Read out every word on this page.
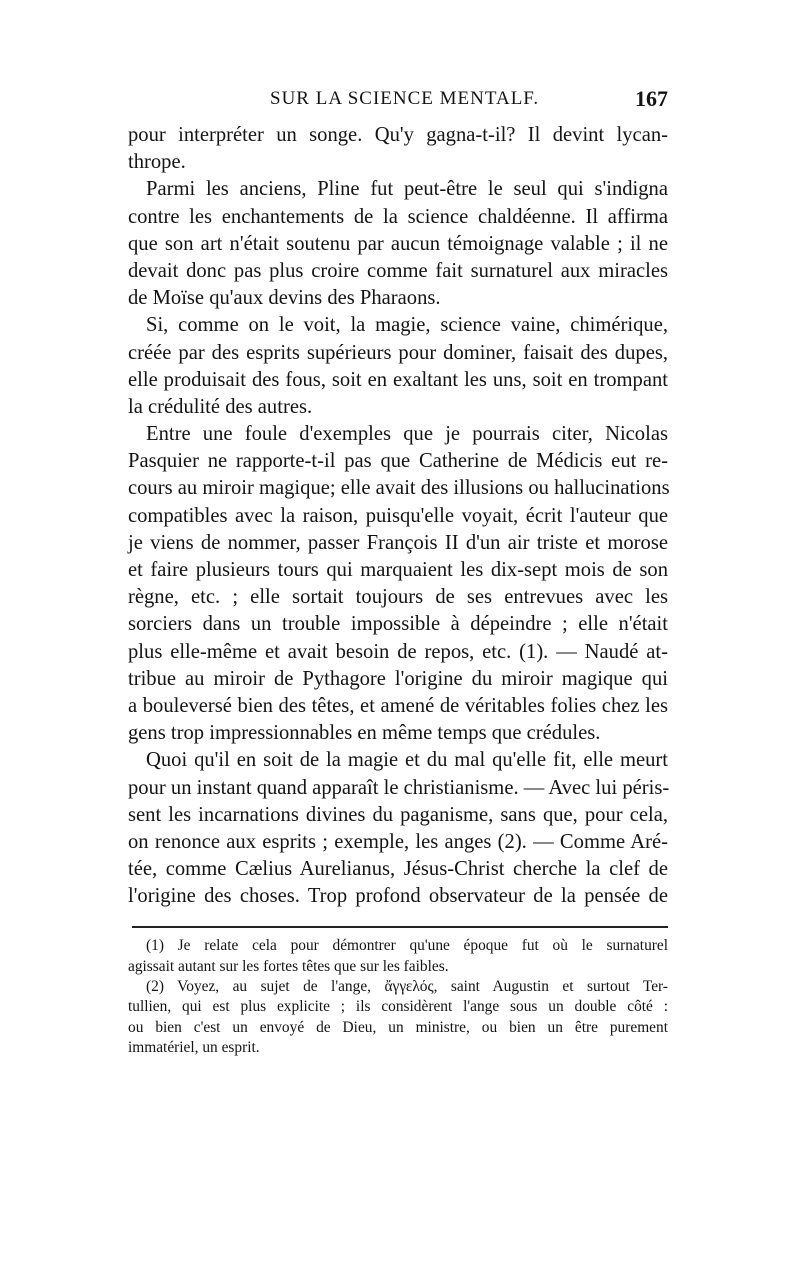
SUR LA SCIENCE MENTALF.	167
pour interpréter un songe. Qu'y gagna-t-il? Il devint lycan-
thrope.
Parmi les anciens, Pline fut peut-être le seul qui s'indigna
contre les enchantements de la science chaldéenne. Il affirma
que son art n'était soutenu par aucun témoignage valable ; il ne
devait donc pas plus croire comme fait surnaturel aux miracles
de Moïse qu'aux devins des Pharaons.
Si, comme on le voit, la magie, science vaine, chimérique,
créée par des esprits supérieurs pour dominer, faisait des dupes,
elle produisait des fous, soit en exaltant les uns, soit en trompant
la crédulité des autres.
Entre une foule d'exemples que je pourrais citer, Nicolas
Pasquier ne rapporte-t-il pas que Catherine de Médicis eut re-
cours au miroir magique; elle avait des illusions ou hallucinations
compatibles avec la raison, puisqu'elle voyait, écrit l'auteur que
je viens de nommer, passer François II d'un air triste et morose
et faire plusieurs tours qui marquaient les dix-sept mois de son
règne, etc. ; elle sortait toujours de ses entrevues avec les
sorciers dans un trouble impossible à dépeindre ; elle n'était
plus elle-même et avait besoin de repos, etc. (1). — Naudé at-
tribue au miroir de Pythagore l'origine du miroir magique qui
a bouleversé bien des têtes, et amené de véritables folies chez les
gens trop impressionnables en même temps que crédules.
Quoi qu'il en soit de la magie et du mal qu'elle fit, elle meurt
pour un instant quand apparaît le christianisme. — Avec lui péris-
sent les incarnations divines du paganisme, sans que, pour cela,
on renonce aux esprits ; exemple, les anges (2). — Comme Aré-
tée, comme Cælius Aurelianus, Jésus-Christ cherche la clef de
l'origine des choses. Trop profond observateur de la pensée de
(1) Je relate cela pour démontrer qu'une époque fut où le surnaturel
agissait autant sur les fortes têtes que sur les faibles.
(2) Voyez, au sujet de l'ange, ἄγγελός, saint Augustin et surtout Ter-
tullien, qui est plus explicite ; ils considèrent l'ange sous un double côté :
ou bien c'est un envoyé de Dieu, un ministre, ou bien un être purement
immatériel, un esprit.
